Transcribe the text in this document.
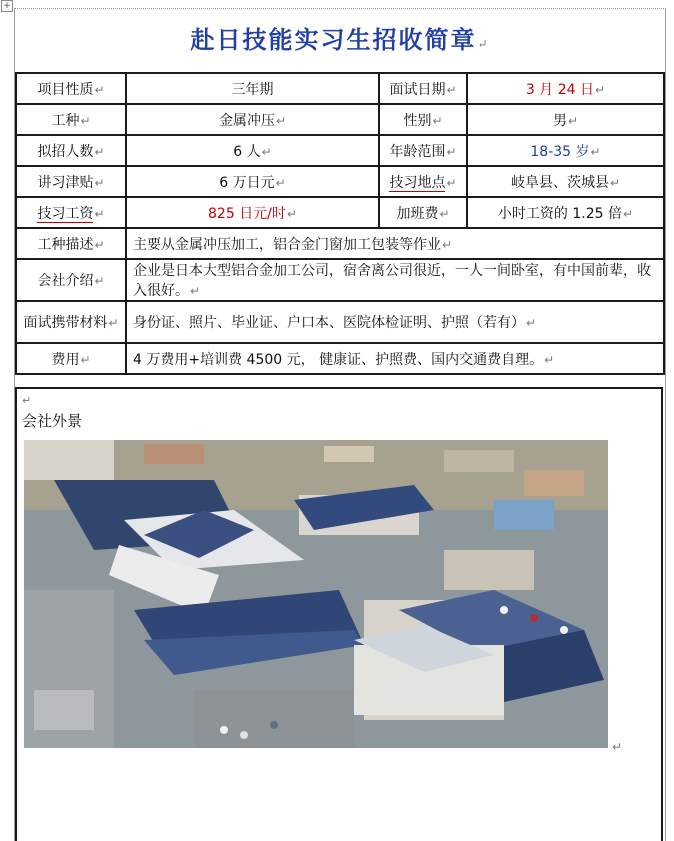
+
赴日技能实习生招收简章↵
项目性质↵	三年期	面试日期↵	3 月 24 日↵
工种↵	金属冲压↵	性别↵	男↵
拟招人数↵	6 人↵	年龄范围↵	18-35 岁↵
讲习津贴↵	6 万日元↵	技习地点↵	岐阜县、茨城县↵
技习工资↵	825 日元/时↵	加班费↵	小时工资的 1.25 倍↵
工种描述↵	主要从金属冲压加工，铝合金门窗加工包装等作业↵		
会社介绍↵	企业是日本大型铝合金加工公司，宿舍离公司很近，一人一间卧室，有中国前辈，收入很好。↵		
面试携带材料↵	身份证、照片、毕业证、户口本、医院体检证明、护照（若有）↵		
费用↵	4 万费用+培训费 4500 元， 健康证、护照费、国内交通费自理。↵		
↵
会社外景
↵
